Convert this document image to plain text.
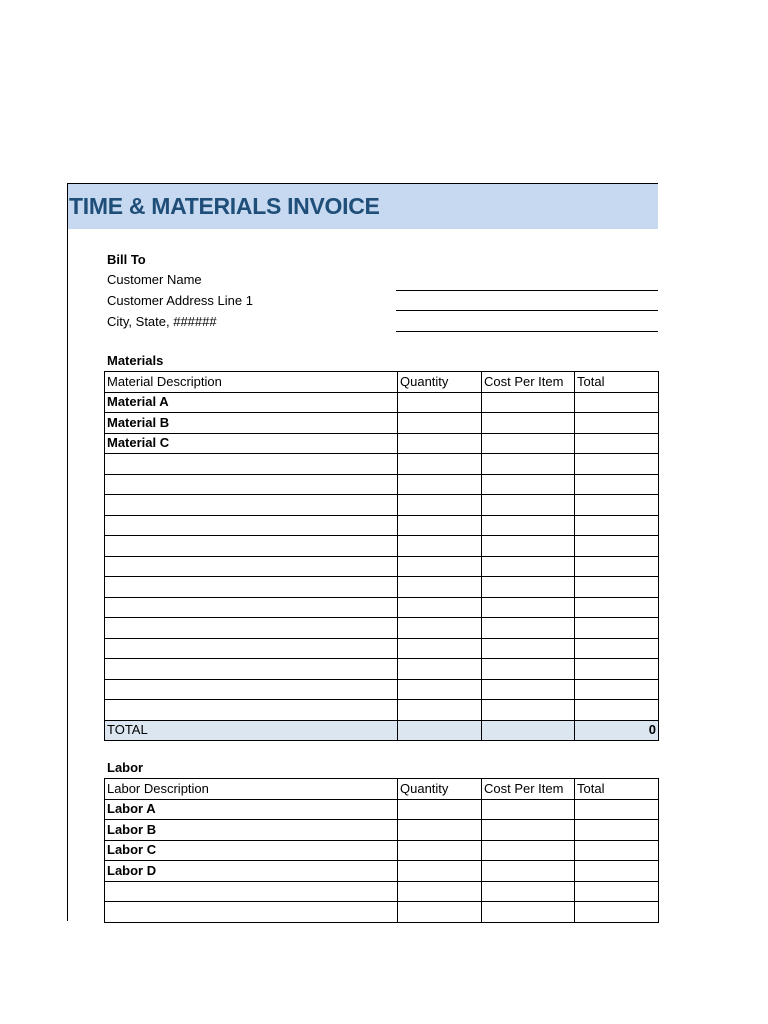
TIME & MATERIALS INVOICE
Bill To
Customer Name
Customer Address Line 1
City, State, ######
Materials
Material Description	Quantity	Cost Per Item	Total
Material A			
Material B			
Material C			

TOTAL			0
Labor
Labor Description	Quantity	Cost Per Item	Total
Labor A			
Labor B			
Labor C			
Labor D			
